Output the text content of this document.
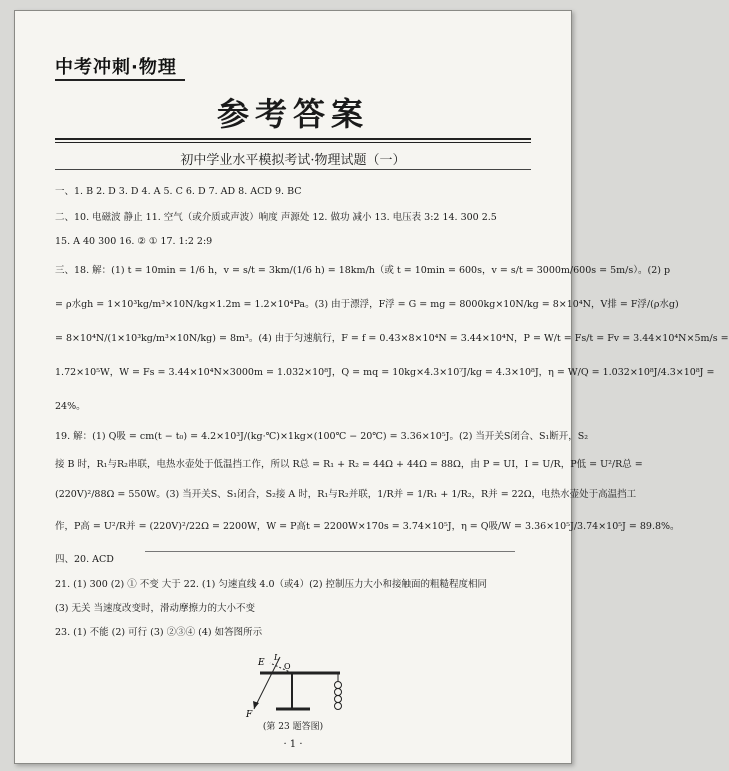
中考冲刺·物理
参考答案
初中学业水平模拟考试·物理试题（一）
一、1. B 2. D 3. D 4. A 5. C 6. D 7. AD 8. ACD 9. BC
二、10. 电磁波 静止 11. 空气（或介质或声波）响度 声源处 12. 做功 减小 13. 电压表 3:2 14. 300 2.5
15. A 40 300 16. ② ① 17. 1:2 2:9
三、18. 解：(1) t = 10min = 1/6 h，v = s/t = 3km/(1/6 h) = 18km/h（或 t = 10min = 600s，v = s/t = 3000m/600s = 5m/s）。(2) p
= ρ水gh = 1×10³kg/m³×10N/kg×1.2m = 1.2×10⁴Pa。(3) 由于漂浮，F浮 = G = mg = 8000kg×10N/kg = 8×10⁴N，V排 = F浮/(ρ水g)
= 8×10⁴N/(1×10³kg/m³×10N/kg) = 8m³。(4) 由于匀速航行，F = f = 0.43×8×10⁴N = 3.44×10⁴N，P = W/t = Fs/t = Fv = 3.44×10⁴N×5m/s =
1.72×10⁵W，W = Fs = 3.44×10⁴N×3000m = 1.032×10⁸J，Q = mq = 10kg×4.3×10⁷J/kg = 4.3×10⁸J，η = W/Q = 1.032×10⁸J/4.3×10⁸J =
24%。
19. 解：(1) Q吸 = cm(t − t₀) = 4.2×10³J/(kg·℃)×1kg×(100℃ − 20℃) = 3.36×10⁵J。(2) 当开关S闭合、S₁断开，S₂
接 B 时，R₁与R₂串联，电热水壶处于低温挡工作，所以 R总 = R₁ + R₂ = 44Ω + 44Ω = 88Ω，由 P = UI，I = U/R，P低 = U²/R总 =
(220V)²/88Ω = 550W。(3) 当开关S、S₁闭合，S₂接 A 时，R₁与R₂并联，1/R并 = 1/R₁ + 1/R₂，R并 = 22Ω，电热水壶处于高温挡工
作，P高 = U²/R并 = (220V)²/22Ω = 2200W，W = P高t = 2200W×170s = 3.74×10⁵J，η = Q吸/W = 3.36×10⁵J/3.74×10⁵J = 89.8%。
四、20. ACD
21. (1) 300 (2) ① 不变 大于 22. (1) 匀速直线 4.0（或4）(2) 控制压力大小和接触面的粗糙程度相同
(3) 无关 当速度改变时，滑动摩擦力的大小不变
23. (1) 不能 (2) 可行 (3) ②③④ (4) 如答图所示
E O
L
F
(第 23 题答图)
· 1 ·
